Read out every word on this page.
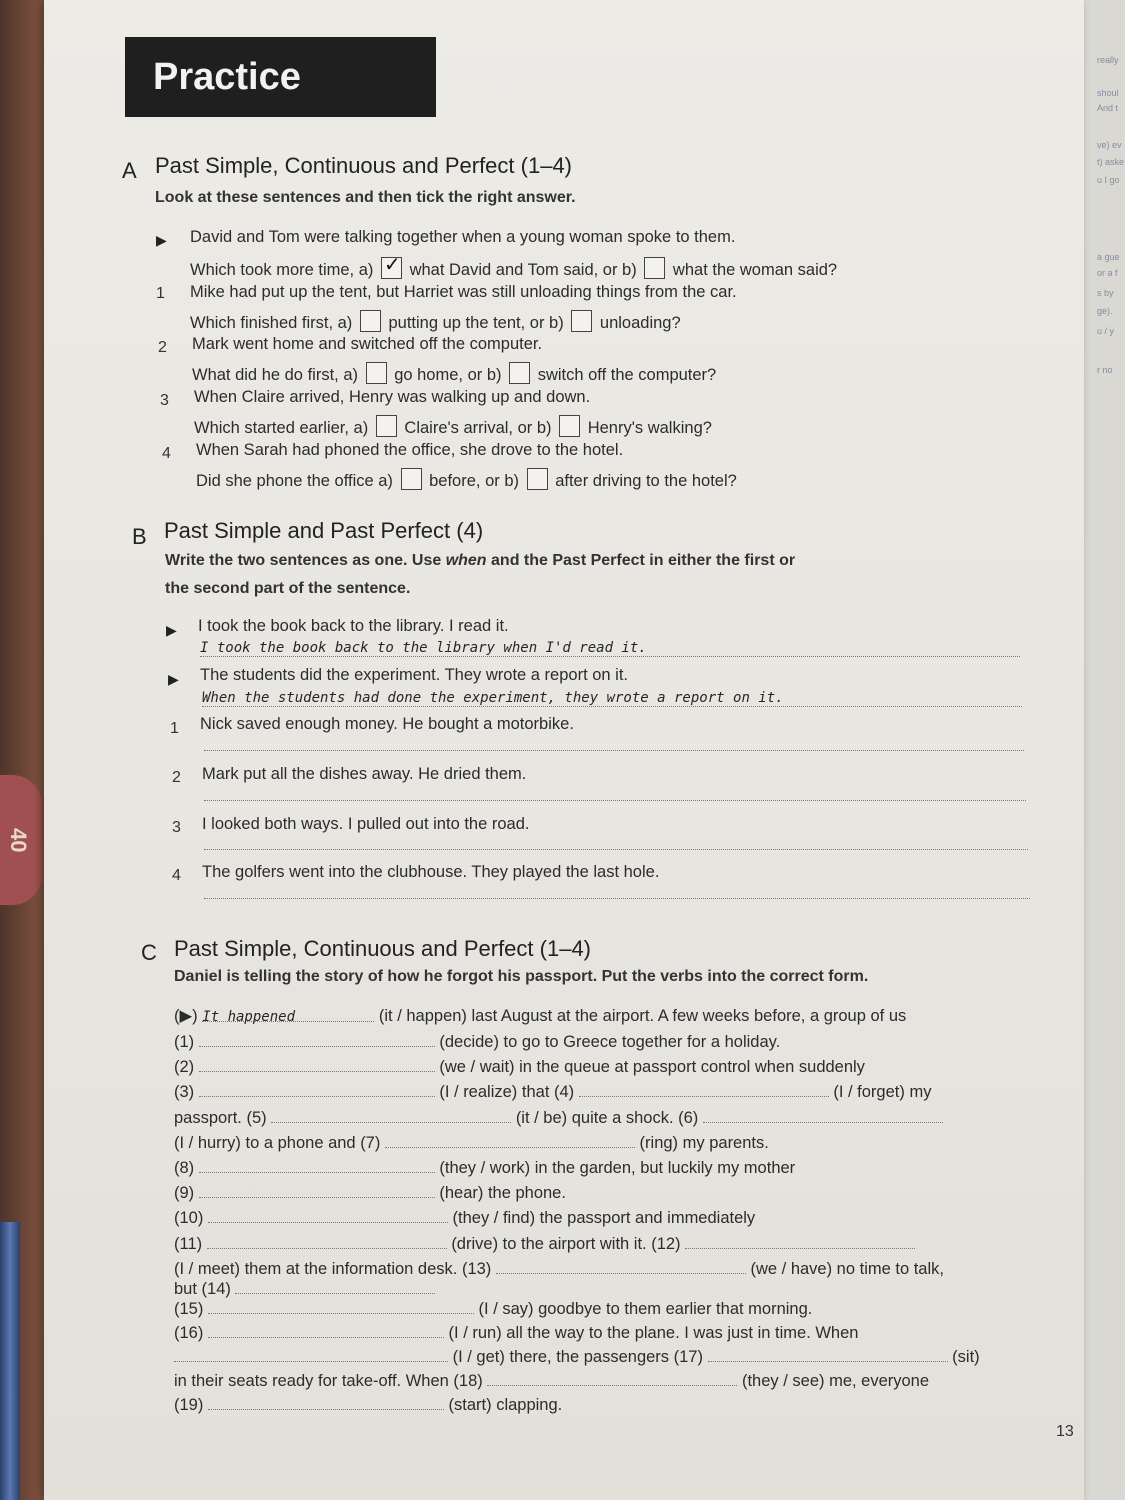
40
really
shoul
And t
ve) ev
t) aske
u I go
a gue
or a f
s by
ge).
u / y
r no
Practice
A Past Simple, Continuous and Perfect (1–4)
Look at these sentences and then tick the right answer.
▶ David and Tom were talking together when a young woman spoke to them.
Which took more time, a) ✓ what David and Tom said, or b) what the woman said?
1 Mike had put up the tent, but Harriet was still unloading things from the car.
Which finished first, a) putting up the tent, or b) unloading?
2 Mark went home and switched off the computer.
What did he do first, a) go home, or b) switch off the computer?
3 When Claire arrived, Henry was walking up and down.
Which started earlier, a) Claire's arrival, or b) Henry's walking?
4 When Sarah had phoned the office, she drove to the hotel.
Did she phone the office a) before, or b) after driving to the hotel?
B Past Simple and Past Perfect (4)
Write the two sentences as one. Use when and the Past Perfect in either the first or
the second part of the sentence.
▶ I took the book back to the library. I read it.
I took the book back to the library when I'd read it.
▶ The students did the experiment. They wrote a report on it.
When the students had done the experiment, they wrote a report on it.
1 Nick saved enough money. He bought a motorbike.
2 Mark put all the dishes away. He dried them.
3 I looked both ways. I pulled out into the road.
4 The golfers went into the clubhouse. They played the last hole.
C Past Simple, Continuous and Perfect (1–4)
Daniel is telling the story of how he forgot his passport. Put the verbs into the correct form.
(▶) It happened	(it / happen) last August at the airport. A few weeks before, a group of us
(1)	(decide) to go to Greece together for a holiday.
(2)	(we / wait) in the queue at passport control when suddenly
(3)	(I / realize) that (4)	(I / forget) my
passport. (5)	(it / be) quite a shock. (6)
(I / hurry) to a phone and (7)	(ring) my parents.
(8)	(they / work) in the garden, but luckily my mother
(9)	(hear) the phone.
(10)	(they / find) the passport and immediately
(11)	(drive) to the airport with it. (12)
(I / meet) them at the information desk. (13)	(we / have) no time to talk,
but (14)
(15)	(I / say) goodbye to them earlier that morning.
(16)	(I / run) all the way to the plane. I was just in time. When
(I / get) there, the passengers (17)	(sit)
in their seats ready for take-off. When (18)	(they / see) me, everyone
(19)	(start) clapping.
13
